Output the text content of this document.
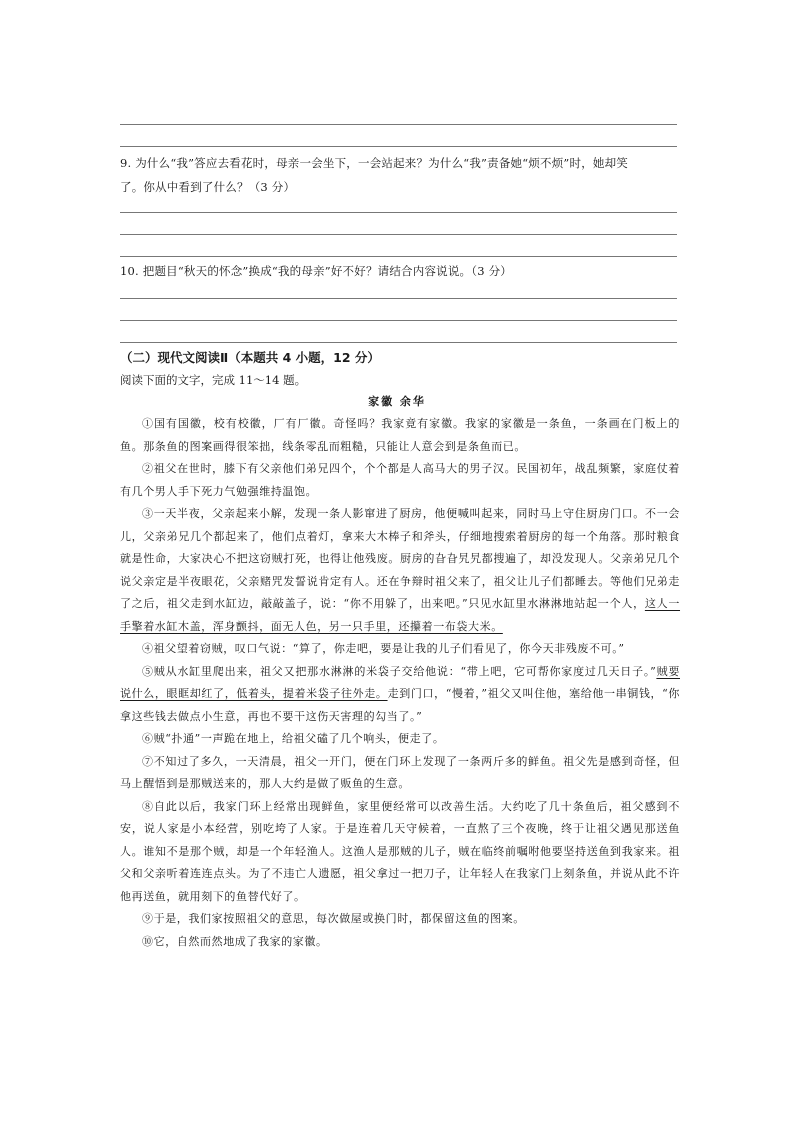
9. 为什么“我”答应去看花时，母亲一会坐下，一会站起来？为什么“我”责备她“烦不烦”时，她却笑
了。你从中看到了什么？（3 分）
10. 把题目“秋天的怀念”换成“我的母亲”好不好？请结合内容说说。（3 分）
（二）现代文阅读Ⅱ（本题共 4 小题，12 分）
阅读下面的文字，完成 11～14 题。
家徽 余华

①国有国徽，校有校徽，厂有厂徽。奇怪吗？我家竟有家徽。我家的家徽是一条鱼，一条画在门板上的鱼。那条鱼的图案画得很笨拙，线条零乱而粗糙，只能让人意会到是条鱼而已。

②祖父在世时，膝下有父亲他们弟兄四个，个个都是人高马大的男子汉。民国初年，战乱频繁，家庭仗着有几个男人手下死力气勉强维持温饱。

③一天半夜，父亲起来小解，发现一条人影窜进了厨房，他便喊叫起来，同时马上守住厨房门口。不一会儿，父亲弟兄几个都起来了，他们点着灯，拿来大木棒子和斧头，仔细地搜索着厨房的每一个角落。那时粮食就是性命，大家决心不把这窃贼打死，也得让他残废。厨房的旮旮旯旯都搜遍了，却没发现人。父亲弟兄几个说父亲定是半夜眼花，父亲赌咒发誓说肯定有人。还在争辩时祖父来了，祖父让儿子们都睡去。等他们兄弟走了之后，祖父走到水缸边，敲敲盖子，说：“你不用躲了，出来吧。”只见水缸里水淋淋地站起一个人，这人一手擎着水缸木盖，浑身颤抖，面无人色，另一只手里，还攥着一布袋大米。

④祖父望着窃贼，叹口气说：“算了，你走吧，要是让我的儿子们看见了，你今天非残废不可。”

⑤贼从水缸里爬出来，祖父又把那水淋淋的米袋子交给他说：“带上吧，它可帮你家度过几天日子。”贼要说什么，眼眶却红了，低着头，提着米袋子往外走。走到门口，“慢着，”祖父又叫住他，塞给他一串铜钱，“你拿这些钱去做点小生意，再也不要干这伤天害理的勾当了。”

⑥贼“扑通”一声跪在地上，给祖父磕了几个响头，便走了。

⑦不知过了多久，一天清晨，祖父一开门，便在门环上发现了一条两斤多的鲜鱼。祖父先是感到奇怪，但马上醒悟到是那贼送来的，那人大约是做了贩鱼的生意。

⑧自此以后，我家门环上经常出现鲜鱼，家里便经常可以改善生活。大约吃了几十条鱼后，祖父感到不安，说人家是小本经营，别吃垮了人家。于是连着几天守候着，一直熬了三个夜晚，终于让祖父遇见那送鱼人。谁知不是那个贼，却是一个年轻渔人。这渔人是那贼的儿子，贼在临终前嘱咐他要坚持送鱼到我家来。祖父和父亲听着连连点头。为了不违亡人遗愿，祖父拿过一把刀子，让年轻人在我家门上刻条鱼，并说从此不许他再送鱼，就用刻下的鱼替代好了。

⑨于是，我们家按照祖父的意思，每次做屋或换门时，都保留这鱼的图案。

⑩它，自然而然地成了我家的家徽。
